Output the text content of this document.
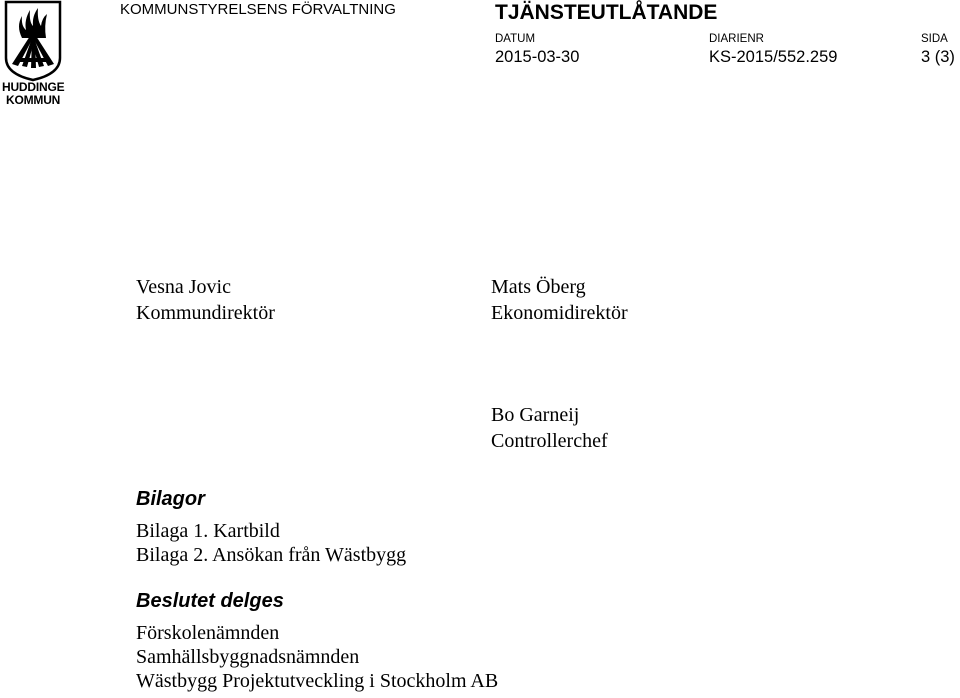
HUDDINGE
KOMMUN
KOMMUNSTYRELSENS FÖRVALTNING	TJÄNSTEUTLÅTANDE
DATUM
2015-03-30
DIARIENR
KS-2015/552.259
SIDA
3 (3)
Vesna Jovic
Kommundirektör
Mats Öberg
Ekonomidirektör
Bo Garneij
Controllerchef
Bilagor
Bilaga 1. Kartbild
Bilaga 2. Ansökan från Wästbygg
Beslutet delges
Förskolenämnden
Samhällsbyggnadsnämnden
Wästbygg Projektutveckling i Stockholm AB
